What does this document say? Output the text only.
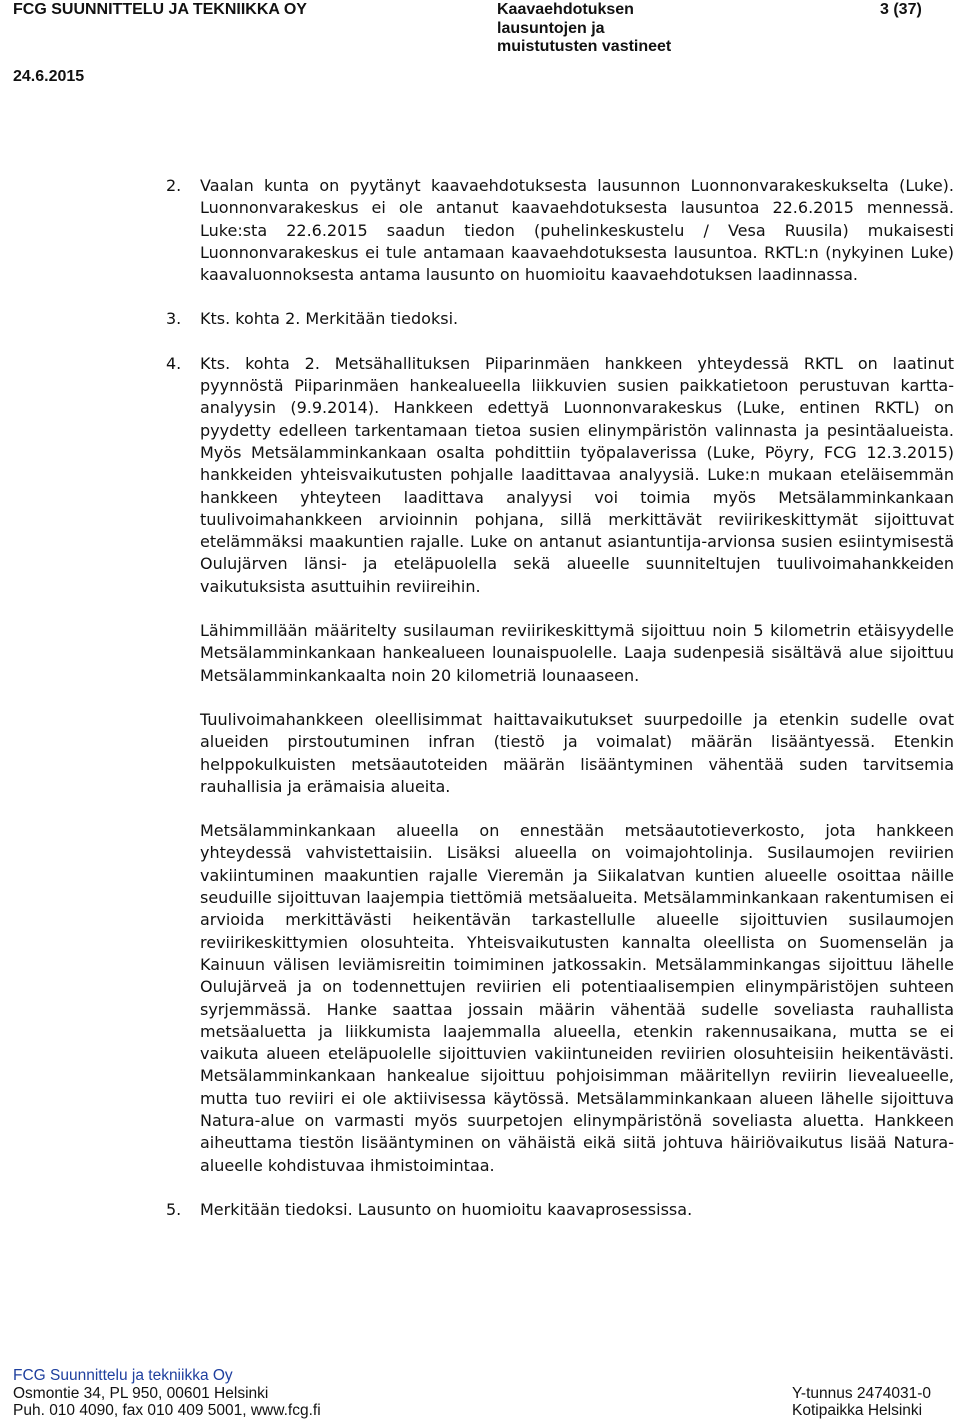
FCG SUUNNITTELU JA TEKNIIKKA OY	Kaavaehdotuksen
lausuntojen ja
muistutusten vastineet
3 (37)
24.6.2015
2.	Vaalan kunta on pyytänyt kaavaehdotuksesta lausunnon Luonnonvarakeskukselta (Luke). Luonnonvarakeskus ei ole antanut kaavaehdotuksesta lausuntoa 22.6.2015 mennessä. Luke:sta 22.6.2015 saadun tiedon (puhelinkeskustelu / Vesa Ruusila) mukaisesti Luonnonvarakeskus ei tule antamaan kaavaehdotuksesta lausuntoa. RKTL:n (nykyinen Luke) kaavaluonnoksesta antama lausunto on huomioitu kaavaehdotuksen laadinnassa.
3.	Kts. kohta 2. Merkitään tiedoksi.
4.	Kts. kohta 2. Metsähallituksen Piiparinmäen hankkeen yhteydessä RKTL on laatinut pyynnöstä Piiparinmäen hankealueella liikkuvien susien paikkatietoon perustuvan kartta-analyysin (9.9.2014). Hankkeen edettyä Luonnonvarakeskus (Luke, entinen RKTL) on pyydetty edelleen tarkentamaan tietoa susien elinympäristön valinnasta ja pesintäalueista. Myös Metsälamminkankaan osalta pohdittiin työpalaverissa (Luke, Pöyry, FCG 12.3.2015) hankkeiden yhteisvaikutusten pohjalle laadittavaa analyysiä. Luke:n mukaan eteläisemmän hankkeen yhteyteen laadittava analyysi voi toimia myös Metsälamminkankaan tuulivoimahankkeen arvioinnin pohjana, sillä merkittävät reviirikeskittymät sijoittuvat etelämmäksi maakuntien rajalle. Luke on antanut asiantuntija-arvionsa susien esiintymisestä Oulujärven länsi- ja eteläpuolella sekä alueelle suunniteltujen tuulivoimahankkeiden vaikutuksista asuttuihin reviireihin.
Lähimmillään määritelty susilauman reviirikeskittymä sijoittuu noin 5 kilometrin etäisyydelle Metsälamminkankaan hankealueen lounaispuolelle. Laaja sudenpesiä sisältävä alue sijoittuu Metsälamminkankaalta noin 20 kilometriä lounaaseen.
Tuulivoimahankkeen oleellisimmat haittavaikutukset suurpedoille ja etenkin sudelle ovat alueiden pirstoutuminen infran (tiestö ja voimalat) määrän lisääntyessä. Etenkin helppokulkuisten metsäautoteiden määrän lisääntyminen vähentää suden tarvitsemia rauhallisia ja erämaisia alueita.
Metsälamminkankaan alueella on ennestään metsäautotieverkosto, jota hankkeen yhteydessä vahvistettaisiin. Lisäksi alueella on voimajohtolinja. Susilaumojen reviirien vakiintuminen maakuntien rajalle Vieremän ja Siikalatvan kuntien alueelle osoittaa näille seuduille sijoittuvan laajempia tiettömiä metsäalueita. Metsälamminkankaan rakentumisen ei arvioida merkittävästi heikentävän tarkastellulle alueelle sijoittuvien susilaumojen reviirikeskittymien olosuhteita. Yhteisvaikutusten kannalta oleellista on Suomenselän ja Kainuun välisen leviämisreitin toimiminen jatkossakin. Metsälamminkangas sijoittuu lähelle Oulujärveä ja on todennettujen reviirien eli potentiaalisempien elinympäristöjen suhteen syrjemmässä. Hanke saattaa jossain määrin vähentää sudelle soveliasta rauhallista metsäaluetta ja liikkumista laajemmalla alueella, etenkin rakennusaikana, mutta se ei vaikuta alueen eteläpuolelle sijoittuvien vakiintuneiden reviirien olosuhteisiin heikentävästi. Metsälamminkankaan hankealue sijoittuu pohjoisimman määritellyn reviirin lievealueelle, mutta tuo reviiri ei ole aktiivisessa käytössä. Metsälamminkankaan alueen lähelle sijoittuva Natura-alue on varmasti myös suurpetojen elinympäristönä soveliasta aluetta. Hankkeen aiheuttama tiestön lisääntyminen on vähäistä eikä siitä johtuva häiriövaikutus lisää Natura-alueelle kohdistuvaa ihmistoimintaa.
5.	Merkitään tiedoksi. Lausunto on huomioitu kaavaprosessissa.
FCG Suunnittelu ja tekniikka Oy
Osmontie 34, PL 950, 00601 Helsinki	Y-tunnus 2474031-0
Puh. 010 4090, fax 010 409 5001, www.fcg.fi	Kotipaikka Helsinki
